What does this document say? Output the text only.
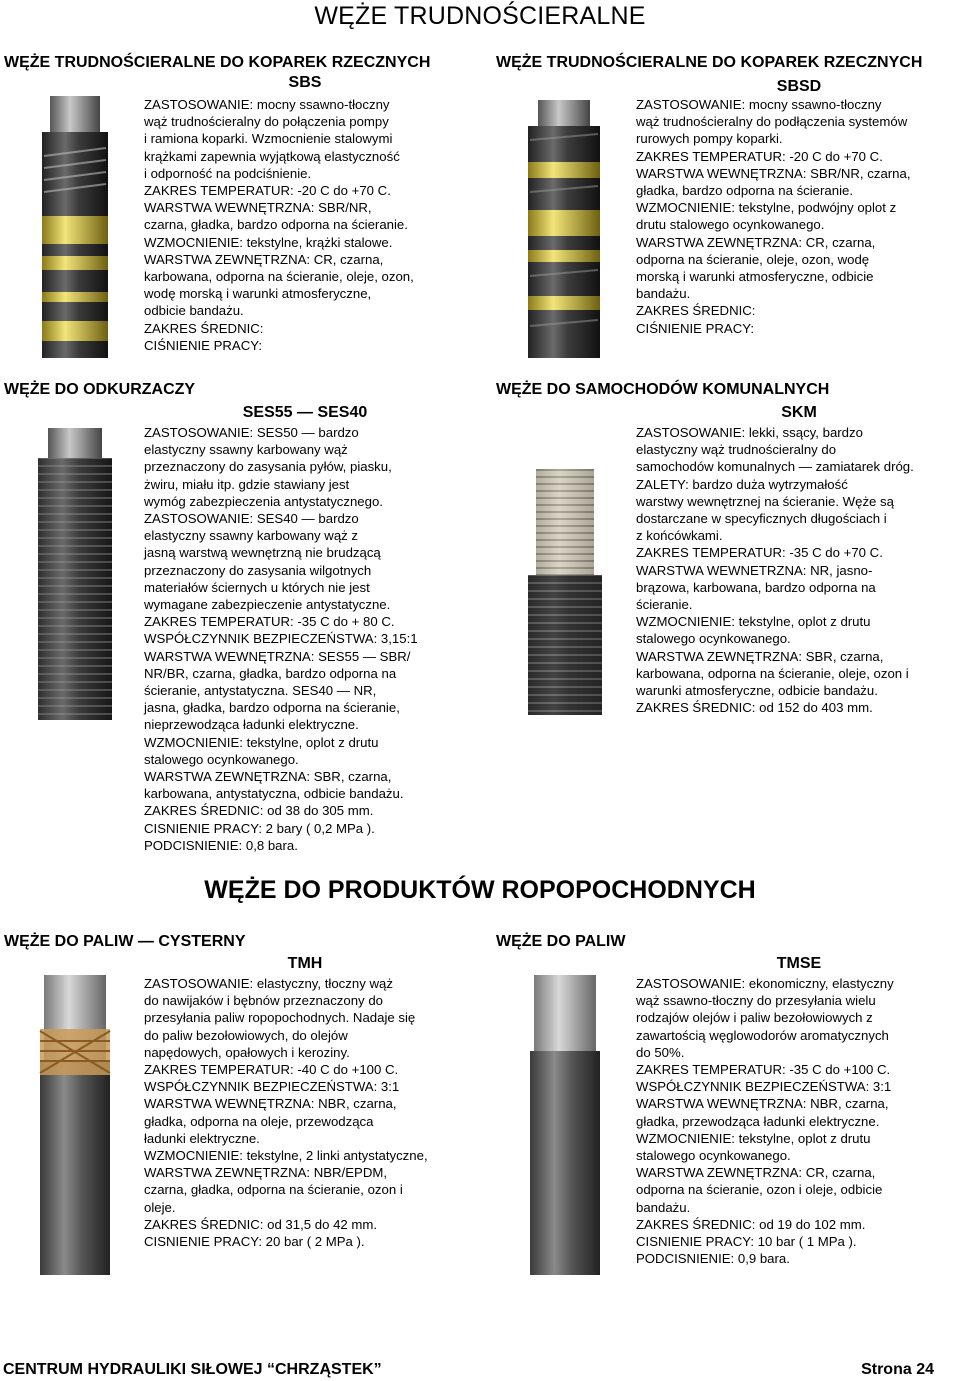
WĘŻE TRUDNOŚCIERALNE
WĘŻE TRUDNOŚCIERALNE DO KOPAREK RZECZNYCH
SBS
ZASTOSOWANIE: mocny ssawno-tłoczny
wąż trudnościeralny do połączenia pompy
i ramiona koparki. Wzmocnienie stalowymi
krążkami zapewnia wyjątkową elastyczność
i odporność na podciśnienie.
ZAKRES TEMPERATUR: -20 C do +70 C.
WARSTWA WEWNĘTRZNA: SBR/NR,
czarna, gładka, bardzo odporna na ścieranie.
WZMOCNIENIE: tekstylne, krążki stalowe.
WARSTWA ZEWNĘTRZNA: CR, czarna,
karbowana, odporna na ścieranie, oleje, ozon,
wodę morską i warunki atmosferyczne,
odbicie bandażu.
ZAKRES ŚREDNIC:
CIŚNIENIE PRACY:
WĘŻE TRUDNOŚCIERALNE DO KOPAREK RZECZNYCH
SBSD
ZASTOSOWANIE: mocny ssawno-tłoczny
wąż trudnościeralny do podłączenia systemów
rurowych pompy koparki.
ZAKRES TEMPERATUR: -20 C do +70 C.
WARSTWA WEWNĘTRZNA: SBR/NR, czarna,
gładka, bardzo odporna na ścieranie.
WZMOCNIENIE: tekstylne, podwójny oplot z
drutu stalowego ocynkowanego.
WARSTWA ZEWNĘTRZNA: CR, czarna,
odporna na ścieranie, oleje, ozon, wodę
morską i warunki atmosferyczne, odbicie
bandażu.
ZAKRES ŚREDNIC:
CIŚNIENIE PRACY:
WĘŻE DO ODKURZACZY
SES55 — SES40
ZASTOSOWANIE: SES50 — bardzo
elastyczny ssawny karbowany wąż
przeznaczony do zasysania pyłów, piasku,
żwiru, miału itp. gdzie stawiany jest
wymóg zabezpieczenia antystatycznego.
ZASTOSOWANIE: SES40 — bardzo
elastyczny ssawny karbowany wąż z
jasną warstwą wewnętrzną nie brudzącą
przeznaczony do zasysania wilgotnych
materiałów ściernych u których nie jest
wymagane zabezpieczenie antystatyczne.
ZAKRES TEMPERATUR: -35 C do + 80 C.
WSPÓŁCZYNNIK BEZPIECZEŃSTWA: 3,15:1
WARSTWA WEWNĘTRZNA: SES55 — SBR/
NR/BR, czarna, gładka, bardzo odporna na
ścieranie, antystatyczna. SES40 — NR,
jasna, gładka, bardzo odporna na ścieranie,
nieprzewodząca ładunki elektryczne.
WZMOCNIENIE: tekstylne, oplot z drutu
stalowego ocynkowanego.
WARSTWA ZEWNĘTRZNA: SBR, czarna,
karbowana, antystatyczna, odbicie bandażu.
ZAKRES ŚREDNIC: od 38 do 305 mm.
CISNIENIE PRACY: 2 bary ( 0,2 MPa ).
PODCISNIENIE: 0,8 bara.
WĘŻE DO SAMOCHODÓW KOMUNALNYCH
SKM
ZASTOSOWANIE: lekki, ssący, bardzo
elastyczny wąż trudnościeralny do
samochodów komunalnych — zamiatarek dróg.
ZALETY: bardzo duża wytrzymałość
warstwy wewnętrznej na ścieranie. Węże są
dostarczane w specyficznych długościach i
z końcówkami.
ZAKRES TEMPERATUR: -35 C do +70 C.
WARSTWA WEWNETRZNA: NR, jasno-
brązowa, karbowana, bardzo odporna na
ścieranie.
WZMOCNIENIE: tekstylne, oplot z drutu
stalowego ocynkowanego.
WARSTWA ZEWNĘTRZNA: SBR, czarna,
karbowana, odporna na ścieranie, oleje, ozon i
warunki atmosferyczne, odbicie bandażu.
ZAKRES ŚREDNIC: od 152 do 403 mm.
WĘŻE DO PRODUKTÓW ROPOPOCHODNYCH
WĘŻE DO PALIW — CYSTERNY
TMH
ZASTOSOWANIE: elastyczny, tłoczny wąż
do nawijaków i bębnów przeznaczony do
przesyłania paliw ropopochodnych. Nadaje się
do paliw bezołowiowych, do olejów
napędowych, opałowych i keroziny.
ZAKRES TEMPERATUR: -40 C do +100 C.
WSPÓŁCZYNNIK BEZPIECZEŃSTWA: 3:1
WARSTWA WEWNĘTRZNA: NBR, czarna,
gładka, odporna na oleje, przewodząca
ładunki elektryczne.
WZMOCNIENIE: tekstylne, 2 linki antystatyczne,
WARSTWA ZEWNĘTRZNA: NBR/EPDM,
czarna, gładka, odporna na ścieranie, ozon i
oleje.
ZAKRES ŚREDNIC: od 31,5 do 42 mm.
CISNIENIE PRACY: 20 bar ( 2 MPa ).
WĘŻE DO PALIW
TMSE
ZASTOSOWANIE: ekonomiczny, elastyczny
wąż ssawno-tłoczny do przesyłania wielu
rodzajów olejów i paliw bezołowiowych z
zawartością węglowodorów aromatycznych
do 50%.
ZAKRES TEMPERATUR: -35 C do +100 C.
WSPÓŁCZYNNIK BEZPIECZEŃSTWA: 3:1
WARSTWA WEWNĘTRZNA: NBR, czarna,
gładka, przewodząca ładunki elektryczne.
WZMOCNIENIE: tekstylne, oplot z drutu
stalowego ocynkowanego.
WARSTWA ZEWNĘTRZNA: CR, czarna,
odporna na ścieranie, ozon i oleje, odbicie
bandażu.
ZAKRES ŚREDNIC: od 19 do 102 mm.
CISNIENIE PRACY: 10 bar ( 1 MPa ).
PODCISNIENIE: 0,9 bara.
CENTRUM HYDRAULIKI SIŁOWEJ “CHRZĄSTEK”	Strona 24
